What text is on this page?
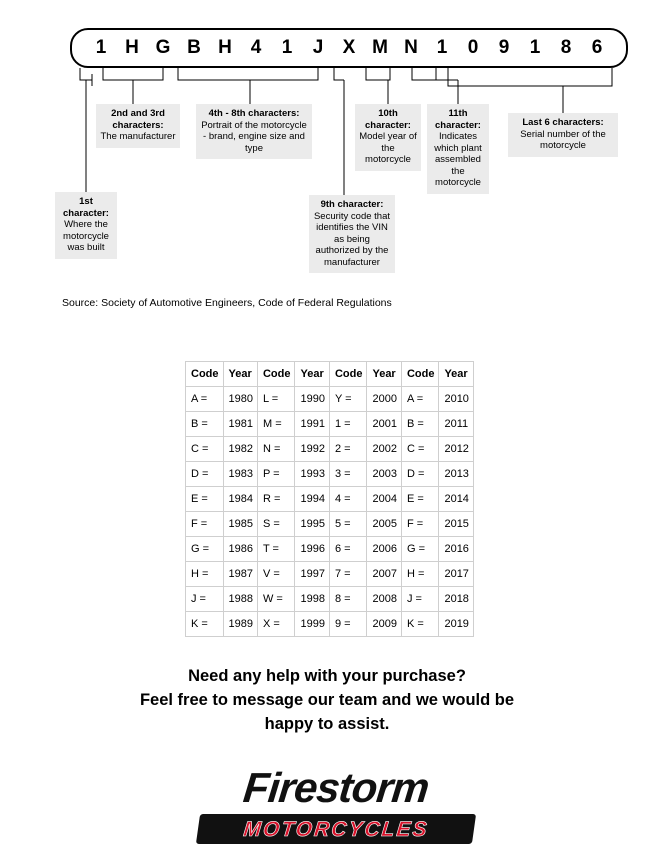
1 H G B H 4	1	J	X M N 1	0	9	1	8	6
1st character:
Where the motorcycle was built
2nd and 3rd characters:
The manufacturer
4th - 8th characters:
Portrait of the motorcycle - brand, engine size and type
9th character:
Security code that identifies the VIN as being authorized by the manufacturer
10th character:
Model year of the motorcycle
11th character:
Indicates which plant assembled the motorcycle
Last 6 characters:
Serial number of the motorcycle
Source: Society of Automotive Engineers, Code of Federal Regulations
Code	Year	Code	Year	Code	Year	Code	Year
A =	1980	L =	1990	Y =	2000	A =	2010
B =	1981	M =	1991	1 =	2001	B =	2011
C =	1982	N =	1992	2 =	2002	C =	2012
D =	1983	P =	1993	3 =	2003	D =	2013
E =	1984	R =	1994	4 =	2004	E =	2014
F =	1985	S =	1995	5 =	2005	F =	2015
G =	1986	T =	1996	6 =	2006	G =	2016
H =	1987	V =	1997	7 =	2007	H =	2017
J =	1988	W =	1998	8 =	2008	J =	2018
K =	1989	X =	1999	9 =	2009	K =	2019
Need any help with your purchase?
Feel free to message our team and we would be
happy to assist.
Firestorm
MOTORCYCLES
